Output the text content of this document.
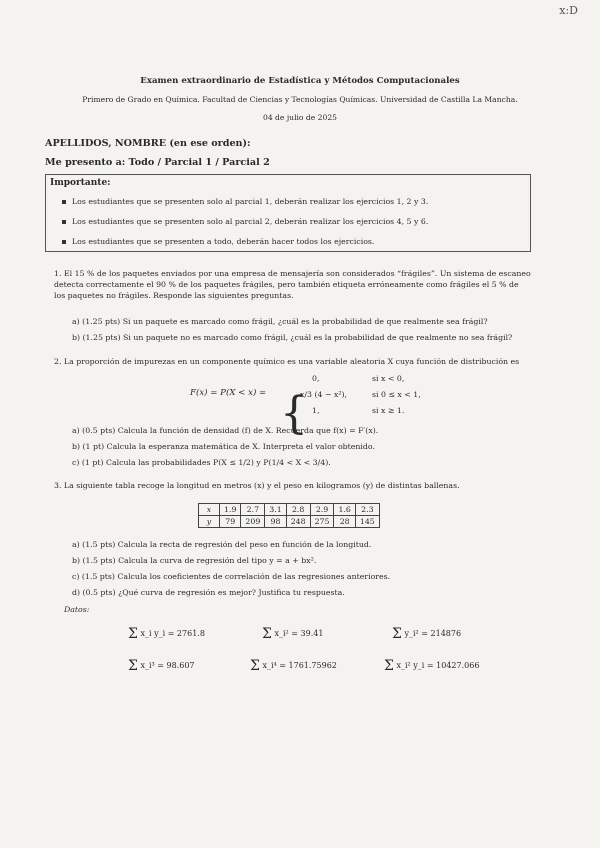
x:D
Examen extraordinario de Estadística y Métodos Computacionales
Primero de Grado en Química. Facultad de Ciencias y Tecnologías Químicas. Universidad de Castilla La Mancha.
04 de julio de 2025
APELLIDOS, NOMBRE (en ese orden):
Me presento a: Todo / Parcial 1 / Parcial 2
Importante:
Los estudiantes que se presenten solo al parcial 1, deberán realizar los ejercicios 1, 2 y 3.
Los estudiantes que se presenten solo al parcial 2, deberán realizar los ejercicios 4, 5 y 6.
Los estudiantes que se presenten a todo, deberán hacer todos los ejercicios.
1. El 15 % de los paquetes enviados por una empresa de mensajería son considerados “frágiles”. Un sistema de escaneo detecta correctamente el 90 % de los paquetes frágiles, pero también etiqueta erróneamente como frágiles el 5 % de los paquetes no frágiles. Responde las siguientes preguntas.
a) (1.25 pts) Si un paquete es marcado como frágil, ¿cuál es la probabilidad de que realmente sea frágil?
b) (1.25 pts) Si un paquete no es marcado como frágil, ¿cuál es la probabilidad de que realmente no sea frágil?
2. La proporción de impurezas en un componente químico es una variable aleatoria X cuya función de distribución es
F(x) = P(X < x) = {
0,	si x < 0,
x/3 (4 − x²),	si 0 ≤ x < 1,
1,	si x ≥ 1.
a) (0.5 pts) Calcula la función de densidad (f) de X. Recuerda que f(x) = F′(x).
b) (1 pt) Calcula la esperanza matemática de X. Interpreta el valor obtenido.
c) (1 pt) Calcula las probabilidades P(X ≤ 1/2) y P(1/4 < X < 3/4).
3. La siguiente tabla recoge la longitud en metros (x) y el peso en kilogramos (y) de distintas ballenas.
x	1.9	2.7	3.1	2.8	2.9	1.6	2.3
y	79	209	98	248	275	28	145
a) (1.5 pts) Calcula la recta de regresión del peso en función de la longitud.
b) (1.5 pts) Calcula la curva de regresión del tipo y = a + bx².
c) (1.5 pts) Calcula los coeficientes de correlación de las regresiones anteriores.
d) (0.5 pts) ¿Qué curva de regresión es mejor? Justifica tu respuesta.
Datos:
Σ x_i y_i = 2761.8	Σ x_i² = 39.41	Σ y_i² = 214876
Σ x_i³ = 98.607	Σ x_i⁴ = 1761.75962	Σ x_i² y_i = 10427.066
